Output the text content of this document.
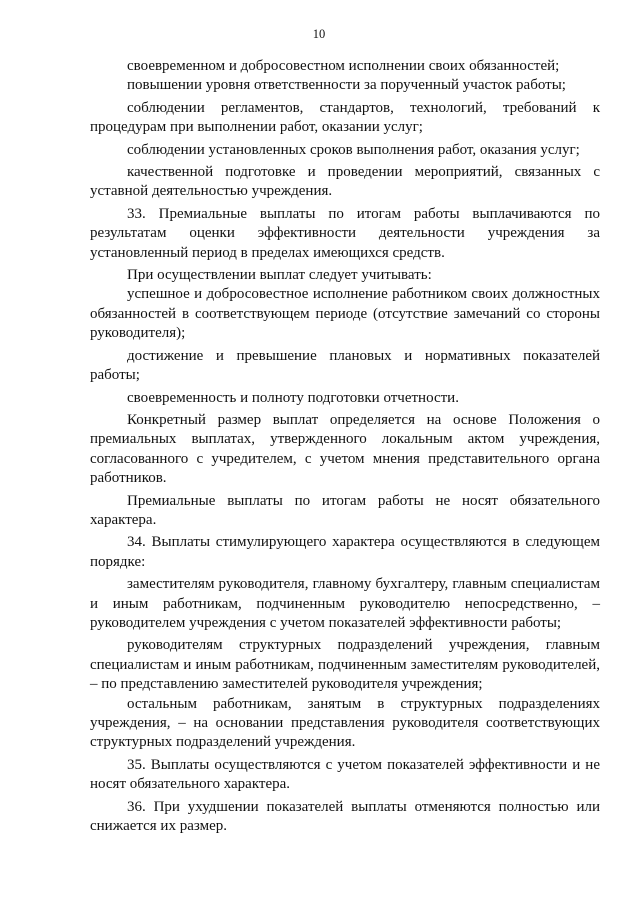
10

своевременном и добросовестном исполнении своих обязанностей;

повышении уровня ответственности за порученный участок работы;

соблюдении регламентов, стандартов, технологий, требований к процедурам при выполнении работ, оказании услуг;

соблюдении установленных сроков выполнения работ, оказания услуг;

качественной подготовке и проведении мероприятий, связанных с уставной деятельностью учреждения.

33. Премиальные выплаты по итогам работы выплачиваются по результатам оценки эффективности деятельности учреждения за установленный период в пределах имеющихся средств.

При осуществлении выплат следует учитывать:

успешное и добросовестное исполнение работником своих должностных обязанностей в соответствующем периоде (отсутствие замечаний со стороны руководителя);

достижение и превышение плановых и нормативных показателей работы;

своевременность и полноту подготовки отчетности.

Конкретный размер выплат определяется на основе Положения о премиальных выплатах, утвержденного локальным актом учреждения, согласованного с учредителем, с учетом мнения представительного органа работников.

Премиальные выплаты по итогам работы не носят обязательного характера.

34. Выплаты стимулирующего характера осуществляются в следующем порядке:

заместителям руководителя, главному бухгалтеру, главным специалистам и иным работникам, подчиненным руководителю непосредственно, – руководителем учреждения с учетом показателей эффективности работы;

руководителям структурных подразделений учреждения, главным специалистам и иным работникам, подчиненным заместителям руководителей, – по представлению заместителей руководителя учреждения;

остальным работникам, занятым в структурных подразделениях учреждения, – на основании представления руководителя соответствующих структурных подразделений учреждения.

35. Выплаты осуществляются с учетом показателей эффективности и не носят обязательного характера.

36. При ухудшении показателей выплаты отменяются полностью или снижается их размер.
